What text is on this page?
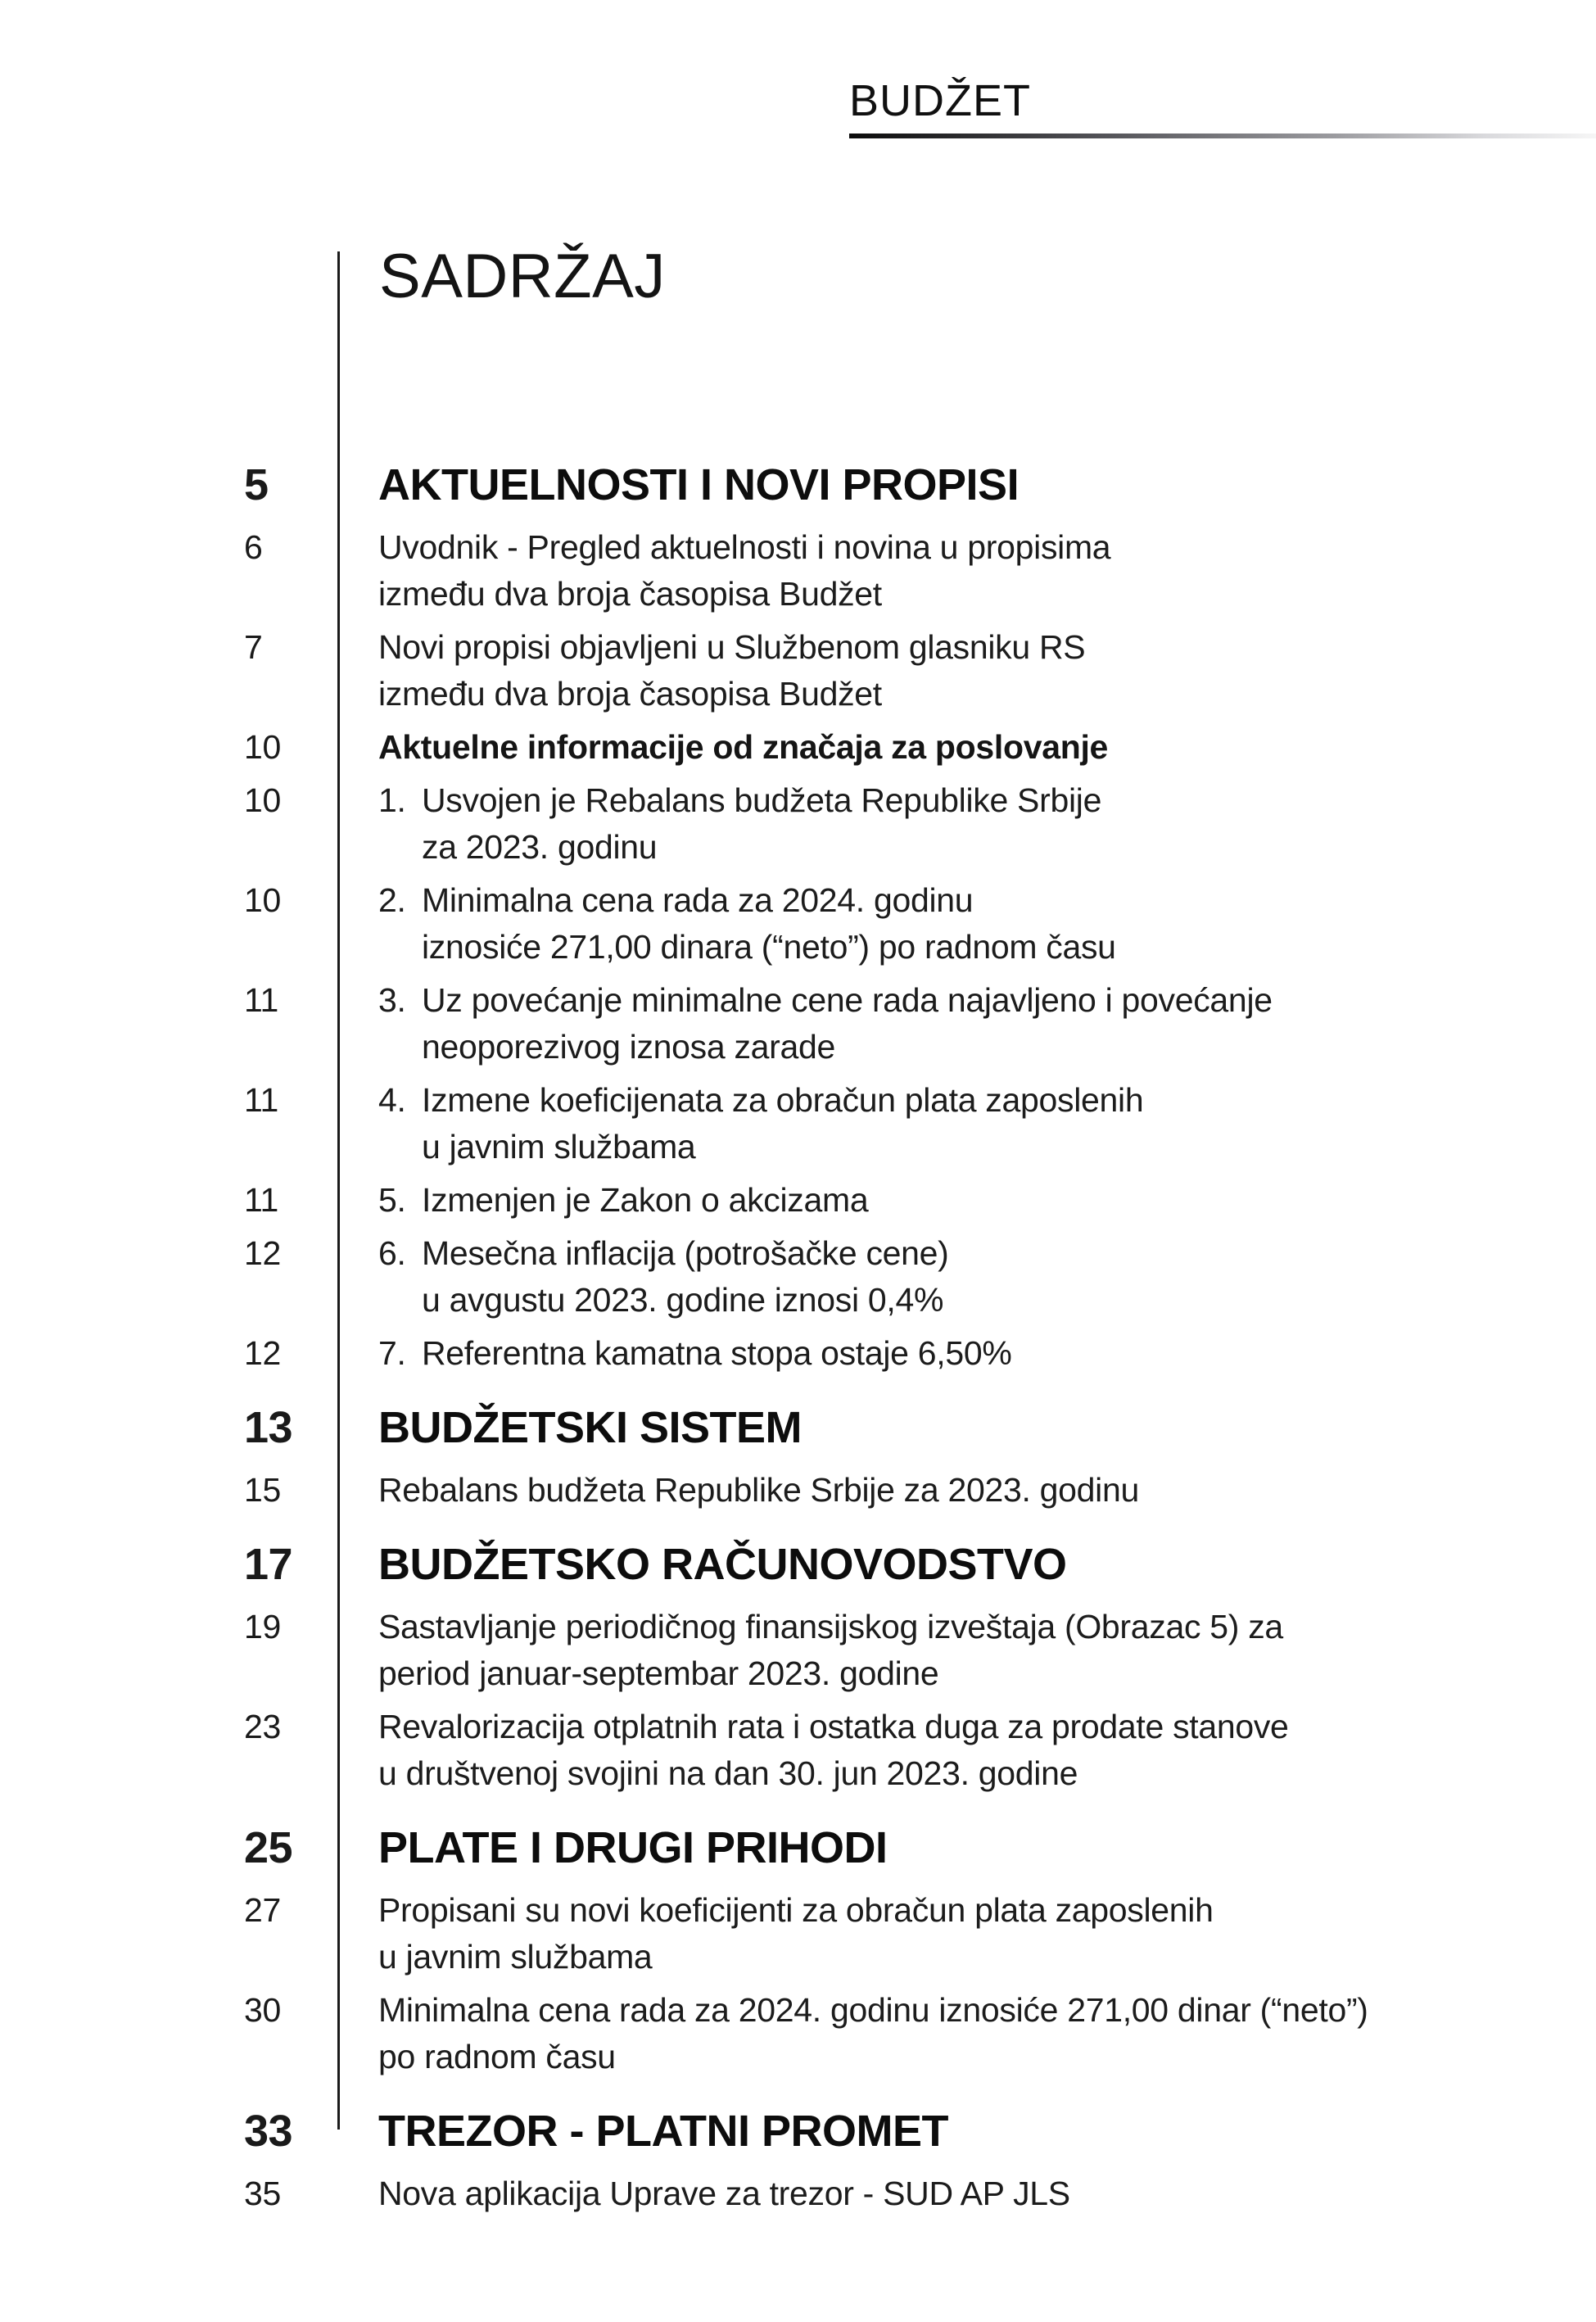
BUDŽET
SADRŽAJ
5	AKTUELNOSTI I NOVI PROPISI
6	Uvodnik - Pregled aktuelnosti i novina u propisima
između dva broja časopisa Budžet
7	Novi propisi objavljeni u Službenom glasniku RS
između dva broja časopisa Budžet
10	Aktuelne informacije od značaja za poslovanje
10	1. Usvojen je Rebalans budžeta Republike Srbije
za 2023. godinu
10	2. Minimalna cena rada za 2024. godinu
iznosiće 271,00 dinara (“neto”) po radnom času
11	3. Uz povećanje minimalne cene rada najavljeno i povećanje
neoporezivog iznosa zarade
11	4. Izmene koeficijenata za obračun plata zaposlenih
u javnim službama
11	5. Izmenjen je Zakon o akcizama
12	6. Mesečna inflacija (potrošačke cene)
u avgustu 2023. godine iznosi 0,4%
12	7. Referentna kamatna stopa ostaje 6,50%
13	BUDŽETSKI SISTEM
15	Rebalans budžeta Republike Srbije za 2023. godinu
17	BUDŽETSKO RAČUNOVODSTVO
19	Sastavljanje periodičnog finansijskog izveštaja (Obrazac 5) za
period januar-septembar 2023. godine
23	Revalorizacija otplatnih rata i ostatka duga za prodate stanove
u društvenoj svojini na dan 30. jun 2023. godine
25	PLATE I DRUGI PRIHODI
27	Propisani su novi koeficijenti za obračun plata zaposlenih
u javnim službama
30	Minimalna cena rada za 2024. godinu iznosiće 271,00 dinar (“neto”)
po radnom času
33	TREZOR - PLATNI PROMET
35	Nova aplikacija Uprave za trezor - SUD AP JLS
